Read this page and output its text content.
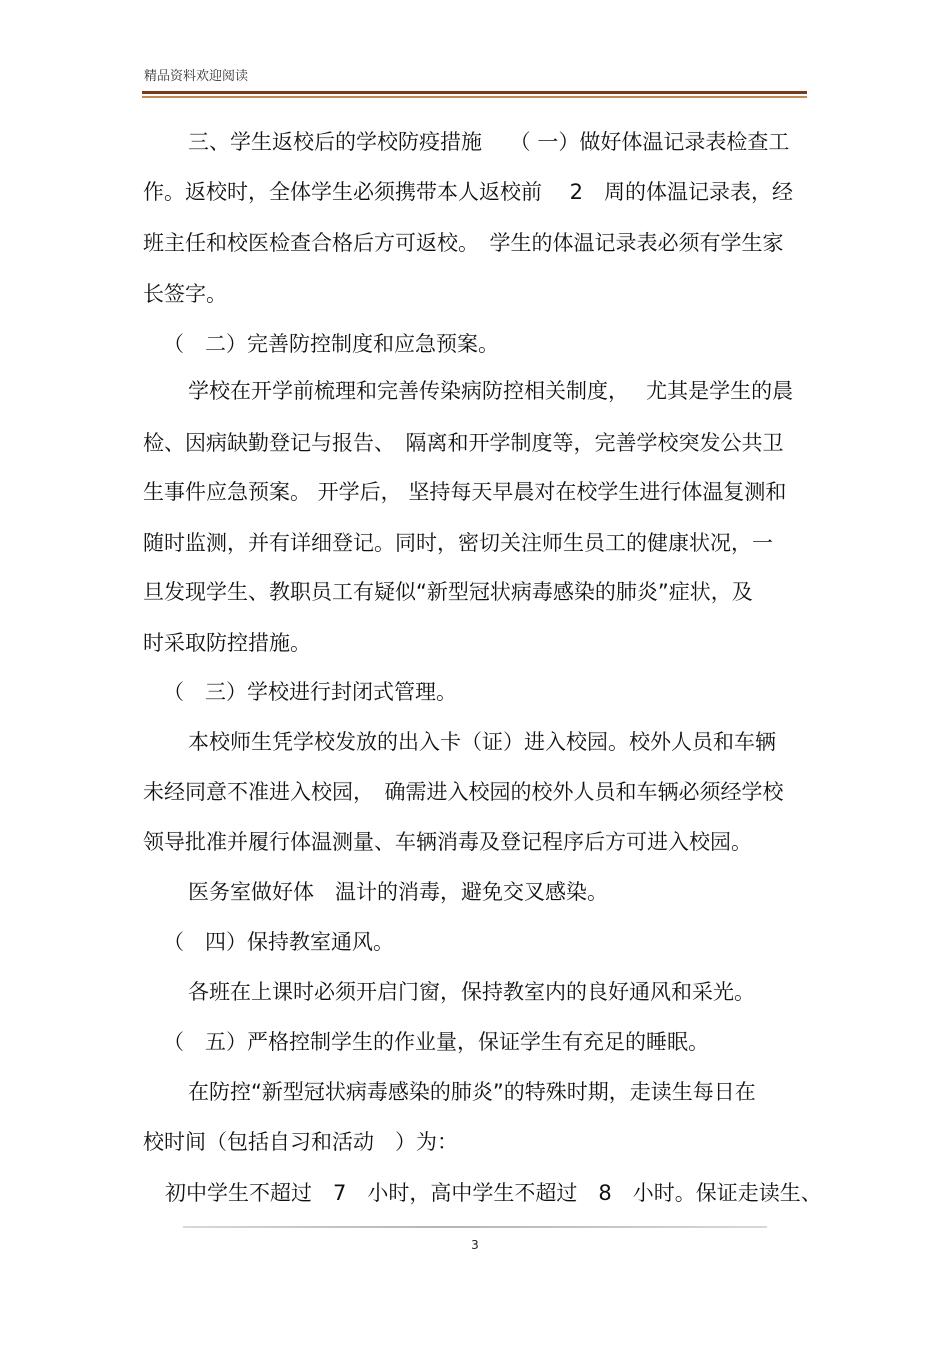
精品资料欢迎阅读
三、学生返校后的学校防疫措施　 （ 一）做好体温记录表检查工
作。返校时，全体学生必须携带本人返校前　 2　周的体温记录表，经
班主任和校医检查合格后方可返校。　学生的体温记录表必须有学生家
长签字。
（　二）完善防控制度和应急预案。
学校在开学前梳理和完善传染病防控相关制度，　 尤其是学生的晨
检、因病缺勤登记与报告、　隔离和开学制度等，完善学校突发公共卫
生事件应急预案。 开学后， 坚持每天早晨对在校学生进行体温复测和
随时监测，并有详细登记。同时，密切关注师生员工的健康状况，一
旦发现学生、教职员工有疑似“新型冠状病毒感染的肺炎”症状，及
时采取防控措施。
（　三）学校进行封闭式管理。
本校师生凭学校发放的出入卡（证）进入校园。校外人员和车辆
未经同意不准进入校园，　确需进入校园的校外人员和车辆必须经学校
领导批准并履行体温测量、车辆消毒及登记程序后方可进入校园。
医务室做好体　温计的消毒，避免交叉感染。
（　四）保持教室通风。
各班在上课时必须开启门窗，保持教室内的良好通风和采光。
（　五）严格控制学生的作业量，保证学生有充足的睡眠。
在防控“新型冠状病毒感染的肺炎”的特殊时期，走读生每日在
校时间（包括自习和活动　）为：
初中学生不超过　7　小时，高中学生不超过　8　小时。保证走读生、
3
